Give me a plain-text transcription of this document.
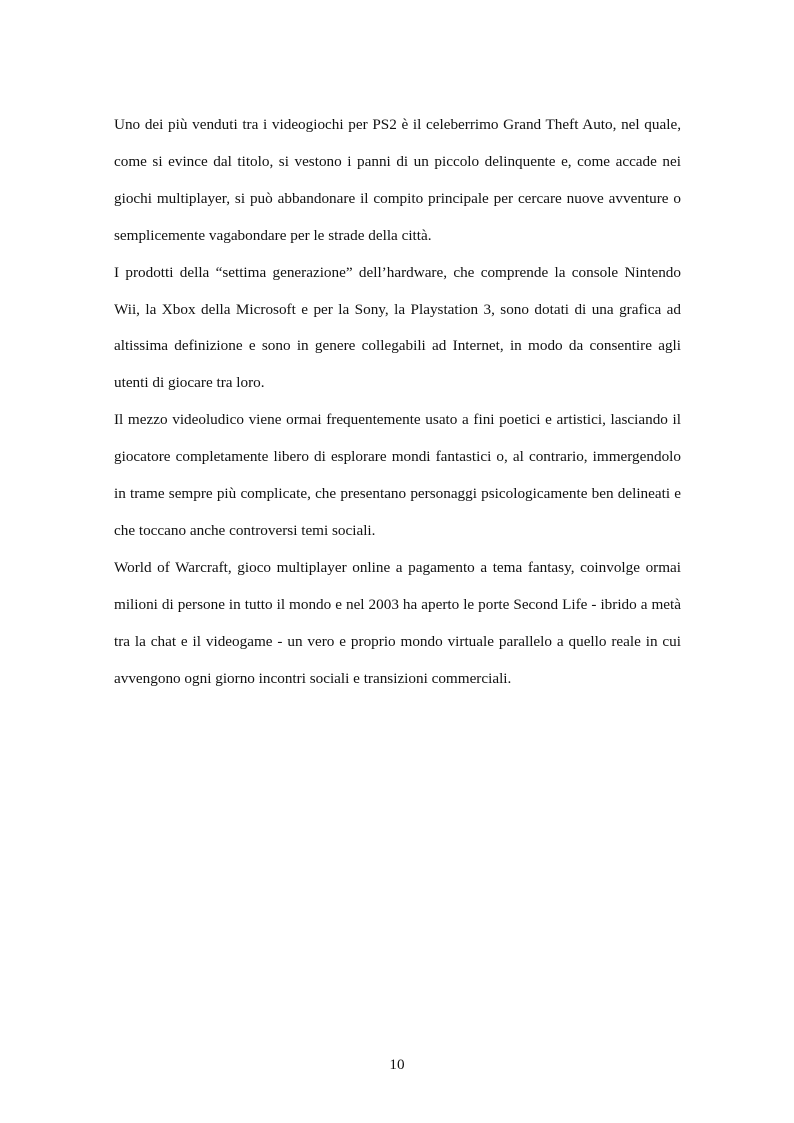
Uno dei più venduti tra i videogiochi per PS2 è il celeberrimo Grand Theft Auto, nel quale, come si evince dal titolo, si vestono i panni di un piccolo delinquente e, come accade nei giochi multiplayer, si può abbandonare il compito principale per cercare nuove avventure o semplicemente vagabondare per le strade della città.

I prodotti della “settima generazione” dell’hardware, che comprende la console Nintendo Wii, la Xbox della Microsoft e per la Sony, la Playstation 3, sono dotati di una grafica ad altissima definizione e sono in genere collegabili ad Internet, in modo da consentire agli utenti di giocare tra loro.

Il mezzo videoludico viene ormai frequentemente usato a fini poetici e artistici, lasciando il giocatore completamente libero di esplorare mondi fantastici o, al contrario, immergendolo in trame sempre più complicate, che presentano personaggi psicologicamente ben delineati e che toccano anche controversi temi sociali.

World of Warcraft, gioco multiplayer online a pagamento a tema fantasy, coinvolge ormai milioni di persone in tutto il mondo e nel 2003 ha aperto le porte Second Life - ibrido a metà tra la chat e il videogame - un vero e proprio mondo virtuale parallelo a quello reale in cui avvengono ogni giorno incontri sociali e transizioni commerciali.

10
